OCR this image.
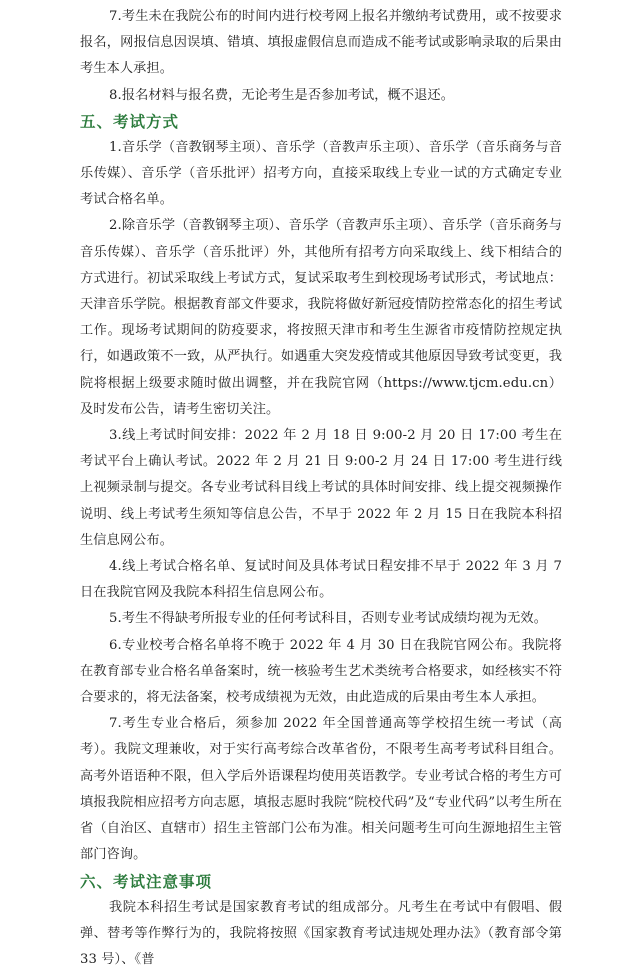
7.考生未在我院公布的时间内进行校考网上报名并缴纳考试费用，或不按要求报名，网报信息因误填、错填、填报虚假信息而造成不能考试或影响录取的后果由考生本人承担。

8.报名材料与报名费，无论考生是否参加考试，概不退还。

五、考试方式

1.音乐学（音教钢琴主项）、音乐学（音教声乐主项）、音乐学（音乐商务与音乐传媒）、音乐学（音乐批评）招考方向，直接采取线上专业一试的方式确定专业考试合格名单。

2.除音乐学（音教钢琴主项）、音乐学（音教声乐主项）、音乐学（音乐商务与音乐传媒）、音乐学（音乐批评）外，其他所有招考方向采取线上、线下相结合的方式进行。初试采取线上考试方式，复试采取考生到校现场考试形式，考试地点：天津音乐学院。根据教育部文件要求，我院将做好新冠疫情防控常态化的招生考试工作。现场考试期间的防疫要求，将按照天津市和考生生源省市疫情防控规定执行，如遇政策不一致，从严执行。如遇重大突发疫情或其他原因导致考试变更，我院将根据上级要求随时做出调整，并在我院官网（https://www.tjcm.edu.cn）及时发布公告，请考生密切关注。

3.线上考试时间安排：2022 年 2 月 18 日 9:00-2 月 20 日 17:00 考生在考试平台上确认考试。2022 年 2 月 21 日 9:00-2 月 24 日 17:00 考生进行线上视频录制与提交。各专业考试科目线上考试的具体时间安排、线上提交视频操作说明、线上考试考生须知等信息公告，不早于 2022 年 2 月 15 日在我院本科招生信息网公布。

4.线上考试合格名单、复试时间及具体考试日程安排不早于 2022 年 3 月 7 日在我院官网及我院本科招生信息网公布。

5.考生不得缺考所报专业的任何考试科目，否则专业考试成绩均视为无效。

6.专业校考合格名单将不晚于 2022 年 4 月 30 日在我院官网公布。我院将在教育部专业合格名单备案时，统一核验考生艺术类统考合格要求，如经核实不符合要求的，将无法备案，校考成绩视为无效，由此造成的后果由考生本人承担。

7.考生专业合格后，须参加 2022 年全国普通高等学校招生统一考试（高考）。我院文理兼收，对于实行高考综合改革省份，不限考生高考考试科目组合。高考外语语种不限，但入学后外语课程均使用英语教学。专业考试合格的考生方可填报我院相应招考方向志愿，填报志愿时我院“院校代码”及“专业代码”以考生所在省（自治区、直辖市）招生主管部门公布为准。相关问题考生可向生源地招生主管部门咨询。

六、考试注意事项

我院本科招生考试是国家教育考试的组成部分。凡考生在考试中有假唱、假弹、替考等作弊行为的，我院将按照《国家教育考试违规处理办法》（教育部令第 33 号）、《普
